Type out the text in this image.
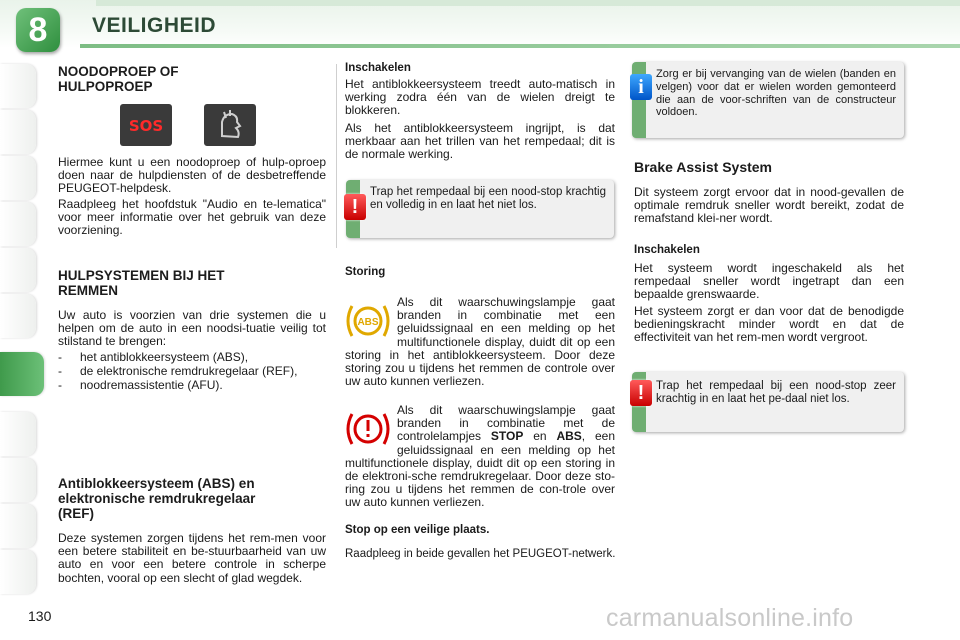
8	VEILIGHEID
NOODOPROEP OF
HULPOPROEP
SOS
Hiermee kunt u een noodoproep of hulp-oproep doen naar de hulpdiensten of de desbetreffende PEUGEOT-helpdesk.
Raadpleeg het hoofdstuk "Audio en te-lematica" voor meer informatie over het gebruik van deze voorziening.
HULPSYSTEMEN BIJ HET
REMMEN
Uw auto is voorzien van drie systemen die u helpen om de auto in een noodsi-tuatie veilig tot stilstand te brengen:
-	het antiblokkeersysteem (ABS),
-	de elektronische remdrukregelaar (REF),
-	noodremassistentie (AFU).
Antiblokkeersysteem (ABS) en
elektronische remdrukregelaar
(REF)
Deze systemen zorgen tijdens het rem-men voor een betere stabiliteit en be-stuurbaarheid van uw auto en voor een betere controle in scherpe bochten, vooral op een slecht of glad wegdek.
Inschakelen
Het antiblokkeersysteem treedt auto-matisch in werking zodra één van de wielen dreigt te blokkeren.
Als het antiblokkeersysteem ingrijpt, is dat merkbaar aan het trillen van het rempedaal; dit is de normale werking.
!
Trap het rempedaal bij een nood-stop krachtig en volledig in en laat het niet los.
Storing
ABS
Als dit waarschuwingslampje gaat branden in combinatie met een geluidssignaal en een melding op het multifunctionele display, duidt dit op een storing in het antiblokkeersysteem. Door deze storing zou u tijdens het remmen de controle over uw auto kunnen verliezen.
Als dit waarschuwingslampje gaat branden in combinatie met de controlelampjes STOP en ABS, een geluidssignaal en een melding op het multifunctionele display, duidt dit op een storing in de elektroni-sche remdrukregelaar. Door deze sto-ring zou u tijdens het remmen de con-trole over uw auto kunnen verliezen.
Stop op een veilige plaats.
Raadpleeg in beide gevallen het PEUGEOT-netwerk.
i
Zorg er bij vervanging van de wielen (banden en velgen) voor dat er wielen worden gemonteerd die aan de voor-schriften van de constructeur voldoen.
Brake Assist System
Dit systeem zorgt ervoor dat in nood-gevallen de optimale remdruk sneller wordt bereikt, zodat de remafstand klei-ner wordt.
Inschakelen
Het systeem wordt ingeschakeld als het rempedaal sneller wordt ingetrapt dan een bepaalde grenswaarde.
Het systeem zorgt er dan voor dat de benodigde bedieningskracht minder wordt en dat de effectiviteit van het rem-men wordt vergroot.
!	Trap het rempedaal bij een nood-stop zeer krachtig in en laat het pe-daal niet los.
130	carmanualsonline.info
